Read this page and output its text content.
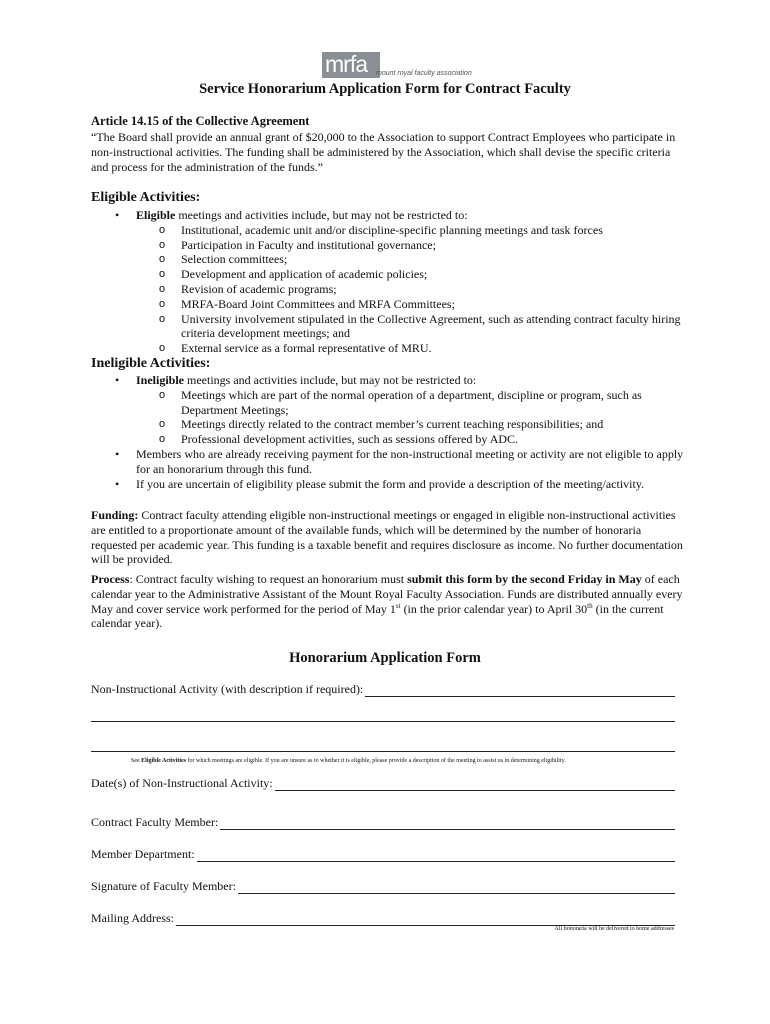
mrfa mount royal faculty association
Service Honorarium Application Form for Contract Faculty

Article 14.15 of the Collective Agreement

“The Board shall provide an annual grant of $20,000 to the Association to support Contract Employees who participate in non-instructional activities. The funding shall be administered by the Association, which shall devise the specific criteria and process for the administration of the funds.”

Eligible Activities:
• Eligible meetings and activities include, but may not be restricted to:
o Institutional, academic unit and/or discipline-specific planning meetings and task forces
o Participation in Faculty and institutional governance;
o Selection committees;
o Development and application of academic policies;
o Revision of academic programs;
o MRFA-Board Joint Committees and MRFA Committees;
o University involvement stipulated in the Collective Agreement, such as attending contract faculty hiring criteria development meetings; and
o External service as a formal representative of MRU.
Ineligible Activities:
• Ineligible meetings and activities include, but may not be restricted to:
o Meetings which are part of the normal operation of a department, discipline or program, such as Department Meetings;
o Meetings directly related to the contract member’s current teaching responsibilities; and
o Professional development activities, such as sessions offered by ADC.
• Members who are already receiving payment for the non-instructional meeting or activity are not eligible to apply for an honorarium through this fund.
• If you are uncertain of eligibility please submit the form and provide a description of the meeting/activity.

Funding: Contract faculty attending eligible non-instructional meetings or engaged in eligible non-instructional activities are entitled to a proportionate amount of the available funds, which will be determined by the number of honoraria requested per academic year. This funding is a taxable benefit and requires disclosure as income. No further documentation will be provided.

Process: Contract faculty wishing to request an honorarium must submit this form by the second Friday in May of each calendar year to the Administrative Assistant of the Mount Royal Faculty Association. Funds are distributed annually every May and cover service work performed for the period of May 1st (in the prior calendar year) to April 30th (in the current calendar year).

Honorarium Application Form
Non-Instructional Activity (with description if required):
See Eligible Activities for which meetings are eligible. If you are unsure as to whether it is eligible, please provide a description of the meeting to assist us in determining eligibility.
Date(s) of Non-Instructional Activity:
Contract Faculty Member:
Member Department:
Signature of Faculty Member:
Mailing Address:
All honoraria will be delivered to home addresses
